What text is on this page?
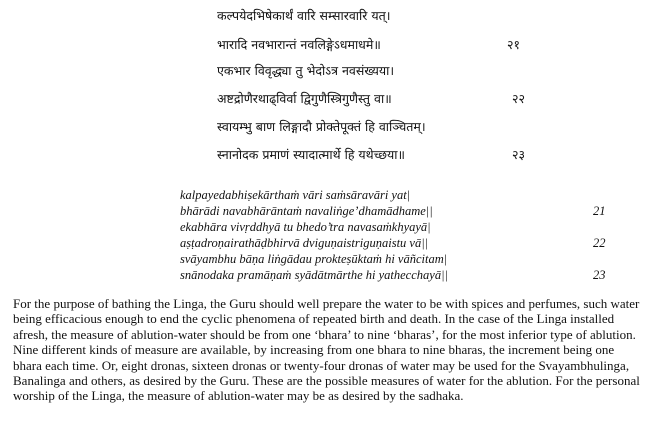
कल्पयेदभिषेकार्थं वारि सम्सारवारि यत्।
भारादि नवभारान्तं नवलिङ्गेऽधमाधमे॥	२१
एकभार विवृद्ध्या तु भेदोऽत्र नवसंख्यया।
अष्टद्रोणैरथाढ्विर्वा द्विगुणैस्त्रिगुणैस्तु वा॥	२२
स्वायम्भु बाण लिङ्गादौ प्रोक्तेपूक्तं हि वाञ्चितम्।
स्नानोदक प्रमाणं स्यादात्मार्थे हि यथेच्छया॥	२३
kalpayedabhiṣekārthaṁ vāri saṁsāravāri yat|
bhārādi navabhārāntaṁ navaliṅge’dhamādhame||	21
ekabhāra vivṛddhyā tu bhedo’tra navasaṁkhyayā|
aṣṭadroṇairathāḍbhirvā dviguṇaistriguṇaistu vā||	22
svāyambhu bāṇa liṅgādau prokteṣūktaṁ hi vāñcitam|
snānodaka pramāṇaṁ syādātmārthe hi yathecchayā||	23

For the purpose of bathing the Linga, the Guru should well prepare the water to be with spices and perfumes, such water being efficacious enough to end the cyclic phenomena of repeated birth and death. In the case of the Linga installed afresh, the measure of ablution-water should be from one ‘bhara’ to nine ‘bharas’, for the most inferior type of ablution. Nine different kinds of measure are available, by increasing from one bhara to nine bharas, the increment being one bhara each time. Or, eight dronas, sixteen dronas or twenty-four dronas of water may be used for the Svayambhulinga, Banalinga and others, as desired by the Guru. These are the possible measures of water for the ablution. For the personal worship of the Linga, the measure of ablution-water may be as desired by the sadhaka.
